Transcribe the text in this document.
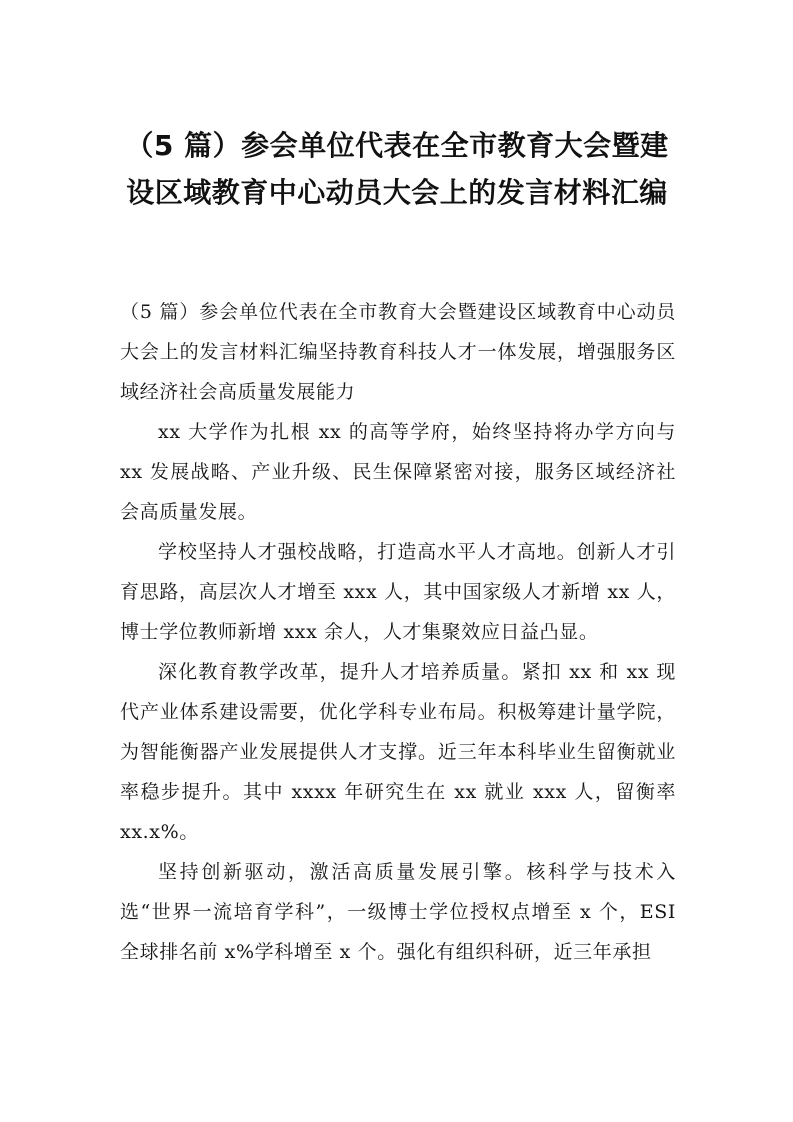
（5 篇）参会单位代表在全市教育大会暨建设区域教育中心动员大会上的发言材料汇编

（5 篇）参会单位代表在全市教育大会暨建设区域教育中心动员大会上的发言材料汇编坚持教育科技人才一体发展，增强服务区域经济社会高质量发展能力

xx 大学作为扎根 xx 的高等学府，始终坚持将办学方向与 xx 发展战略、产业升级、民生保障紧密对接，服务区域经济社会高质量发展。

学校坚持人才强校战略，打造高水平人才高地。创新人才引育思路，高层次人才增至 xxx 人，其中国家级人才新增 xx 人，博士学位教师新增 xxx 余人，人才集聚效应日益凸显。

深化教育教学改革，提升人才培养质量。紧扣 xx 和 xx 现代产业体系建设需要，优化学科专业布局。积极筹建计量学院，为智能衡器产业发展提供人才支撑。近三年本科毕业生留衡就业率稳步提升。其中 xxxx 年研究生在 xx 就业 xxx 人，留衡率 xx.x%。

坚持创新驱动，激活高质量发展引擎。核科学与技术入选“世界一流培育学科”，一级博士学位授权点增至 x 个，ESI 全球排名前 x%学科增至 x 个。强化有组织科研，近三年承担
